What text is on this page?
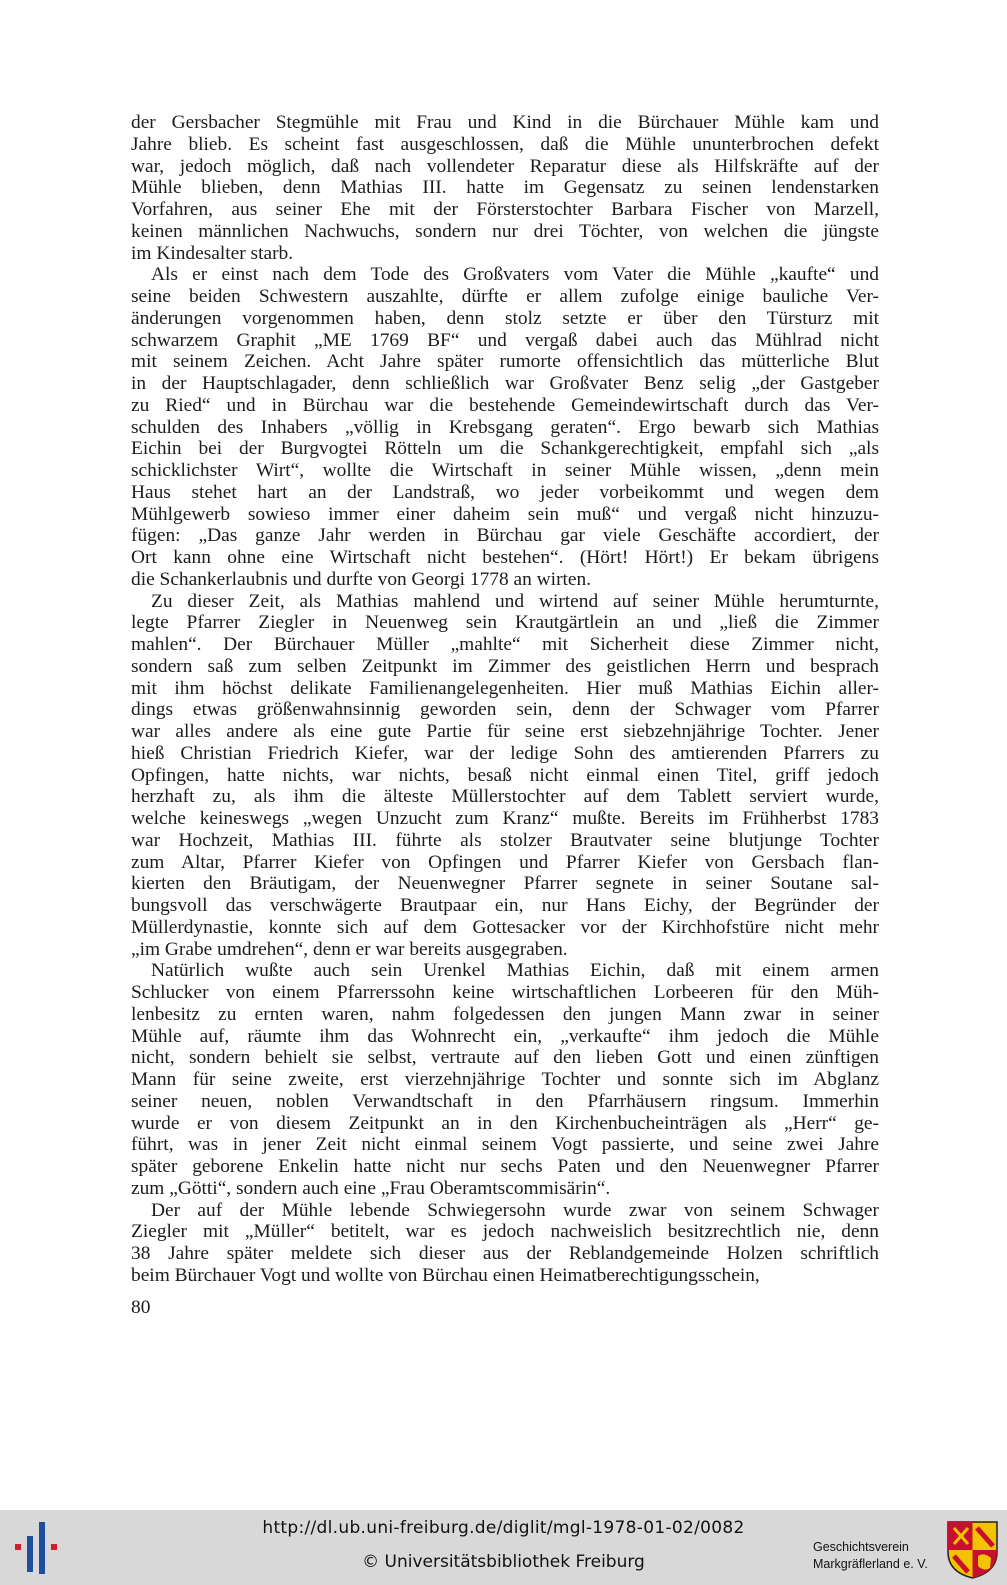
der Gersbacher Stegmühle mit Frau und Kind in die Bürchauer Mühle kam und
Jahre blieb. Es scheint fast ausgeschlossen, daß die Mühle ununterbrochen defekt
war, jedoch möglich, daß nach vollendeter Reparatur diese als Hilfskräfte auf der
Mühle blieben, denn Mathias III. hatte im Gegensatz zu seinen lendenstarken
Vorfahren, aus seiner Ehe mit der Försterstochter Barbara Fischer von Marzell,
keinen männlichen Nachwuchs, sondern nur drei Töchter, von welchen die jüngste
im Kindesalter starb.
Als er einst nach dem Tode des Großvaters vom Vater die Mühle „kaufte“ und
seine beiden Schwestern auszahlte, dürfte er allem zufolge einige bauliche Ver-
änderungen vorgenommen haben, denn stolz setzte er über den Türsturz mit
schwarzem Graphit „ME 1769 BF“ und vergaß dabei auch das Mühlrad nicht
mit seinem Zeichen. Acht Jahre später rumorte offensichtlich das mütterliche Blut
in der Hauptschlagader, denn schließlich war Großvater Benz selig „der Gastgeber
zu Ried“ und in Bürchau war die bestehende Gemeindewirtschaft durch das Ver-
schulden des Inhabers „völlig in Krebsgang geraten“. Ergo bewarb sich Mathias
Eichin bei der Burgvogtei Rötteln um die Schankgerechtigkeit, empfahl sich „als
schicklichster Wirt“, wollte die Wirtschaft in seiner Mühle wissen, „denn mein
Haus stehet hart an der Landstraß, wo jeder vorbeikommt und wegen dem
Mühlgewerb sowieso immer einer daheim sein muß“ und vergaß nicht hinzuzu-
fügen: „Das ganze Jahr werden in Bürchau gar viele Geschäfte accordiert, der
Ort kann ohne eine Wirtschaft nicht bestehen“. (Hört! Hört!) Er bekam übrigens
die Schankerlaubnis und durfte von Georgi 1778 an wirten.
Zu dieser Zeit, als Mathias mahlend und wirtend auf seiner Mühle herumturnte,
legte Pfarrer Ziegler in Neuenweg sein Krautgärtlein an und „ließ die Zimmer
mahlen“. Der Bürchauer Müller „mahlte“ mit Sicherheit diese Zimmer nicht,
sondern saß zum selben Zeitpunkt im Zimmer des geistlichen Herrn und besprach
mit ihm höchst delikate Familienangelegenheiten. Hier muß Mathias Eichin aller-
dings etwas größenwahnsinnig geworden sein, denn der Schwager vom Pfarrer
war alles andere als eine gute Partie für seine erst siebzehnjährige Tochter. Jener
hieß Christian Friedrich Kiefer, war der ledige Sohn des amtierenden Pfarrers zu
Opfingen, hatte nichts, war nichts, besaß nicht einmal einen Titel, griff jedoch
herzhaft zu, als ihm die älteste Müllerstochter auf dem Tablett serviert wurde,
welche keineswegs „wegen Unzucht zum Kranz“ mußte. Bereits im Frühherbst 1783
war Hochzeit, Mathias III. führte als stolzer Brautvater seine blutjunge Tochter
zum Altar, Pfarrer Kiefer von Opfingen und Pfarrer Kiefer von Gersbach flan-
kierten den Bräutigam, der Neuenwegner Pfarrer segnete in seiner Soutane sal-
bungsvoll das verschwägerte Brautpaar ein, nur Hans Eichy, der Begründer der
Müllerdynastie, konnte sich auf dem Gottesacker vor der Kirchhofstüre nicht mehr
„im Grabe umdrehen“, denn er war bereits ausgegraben.
Natürlich wußte auch sein Urenkel Mathias Eichin, daß mit einem armen
Schlucker von einem Pfarrerssohn keine wirtschaftlichen Lorbeeren für den Müh-
lenbesitz zu ernten waren, nahm folgedessen den jungen Mann zwar in seiner
Mühle auf, räumte ihm das Wohnrecht ein, „verkaufte“ ihm jedoch die Mühle
nicht, sondern behielt sie selbst, vertraute auf den lieben Gott und einen zünftigen
Mann für seine zweite, erst vierzehnjährige Tochter und sonnte sich im Abglanz
seiner neuen, noblen Verwandtschaft in den Pfarrhäusern ringsum. Immerhin
wurde er von diesem Zeitpunkt an in den Kirchenbucheinträgen als „Herr“ ge-
führt, was in jener Zeit nicht einmal seinem Vogt passierte, und seine zwei Jahre
später geborene Enkelin hatte nicht nur sechs Paten und den Neuenwegner Pfarrer
zum „Götti“, sondern auch eine „Frau Oberamtscommisärin“.
Der auf der Mühle lebende Schwiegersohn wurde zwar von seinem Schwager
Ziegler mit „Müller“ betitelt, war es jedoch nachweislich besitzrechtlich nie, denn
38 Jahre später meldete sich dieser aus der Reblandgemeinde Holzen schriftlich
beim Bürchauer Vogt und wollte von Bürchau einen Heimatberechtigungsschein,
80
http://dl.ub.uni-freiburg.de/diglit/mgl-1978-01-02/0082
© Universitätsbibliothek Freiburg
Geschichtsverein
Markgräflerland e. V.
